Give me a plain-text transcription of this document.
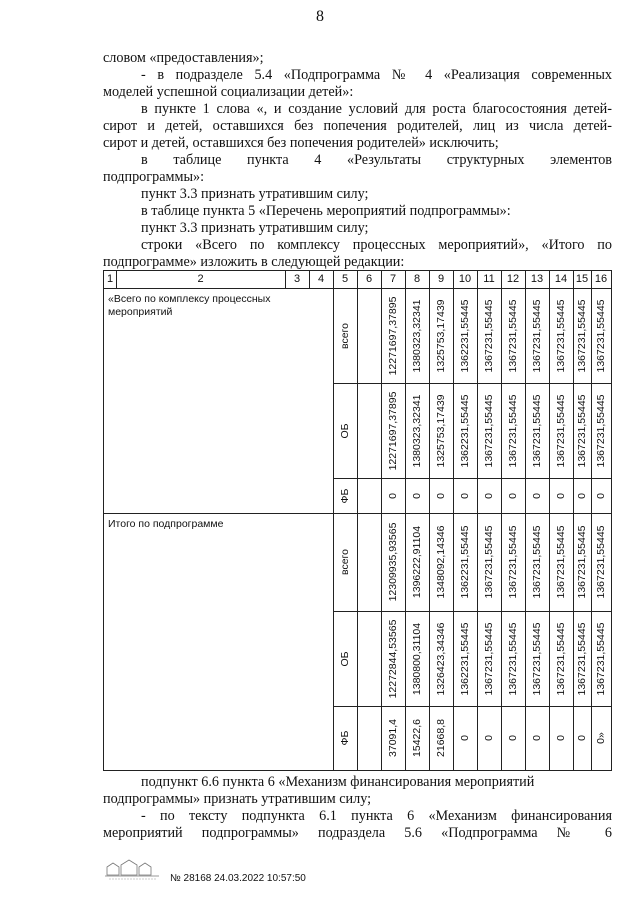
8
словом «предоставления»;
- в подразделе 5.4 «Подпрограмма № 4 «Реализация современных
моделей успешной социализации детей»:
в пункте 1 слова «, и создание условий для роста благосостояния детей-
сирот и детей, оставшихся без попечения родителей, лиц из числа детей-
сирот и детей, оставшихся без попечения родителей» исключить;
в таблице пункта 4 «Результаты структурных элементов
подпрограммы»:
пункт 3.3 признать утратившим силу;
в таблице пункта 5 «Перечень мероприятий подпрограммы»:
пункт 3.3 признать утратившим силу;
строки «Всего по комплексу процессных мероприятий», «Итого по
подпрограмме» изложить в следующей редакции:
1	2	3	4	5	6	7	8	9	10	11	12	13	14 15 16
«Всего по комплексу процессных мероприятий
Итого по подпрограмме
всего	12271697,37895 1380323,32341 1325753,17439 1362231,55445 1367231,55445 1367231,55445 1367231,55445 1367231,55445 1367231,55445 1367231,55445
ОБ	12271697,37895 1380323,32341 1325753,17439 1362231,55445 1367231,55445 1367231,55445 1367231,55445 1367231,55445 1367231,55445 1367231,55445
ФБ	0 0 0 0 0 0 0 0 0 0
всего	12309935,93565 1396222,91104 1348092,14346 1362231,55445 1367231,55445 1367231,55445 1367231,55445 1367231,55445 1367231,55445 1367231,55445
ОБ	12272844,53565 1380800,31104 1326423,34346 1362231,55445 1367231,55445 1367231,55445 1367231,55445 1367231,55445 1367231,55445 1367231,55445
ФБ	37091,4 15422,6 21668,8 0 0 0 0 0 0 0»
подпункт 6.6 пункта 6 «Механизм финансирования мероприятий
подпрограммы» признать утратившим силу;
- по тексту подпункта 6.1 пункта 6 «Механизм финансирования
мероприятий подпрограммы» подраздела 5.6 «Подпрограмма № 6
№ 28168 24.03.2022 10:57:50
